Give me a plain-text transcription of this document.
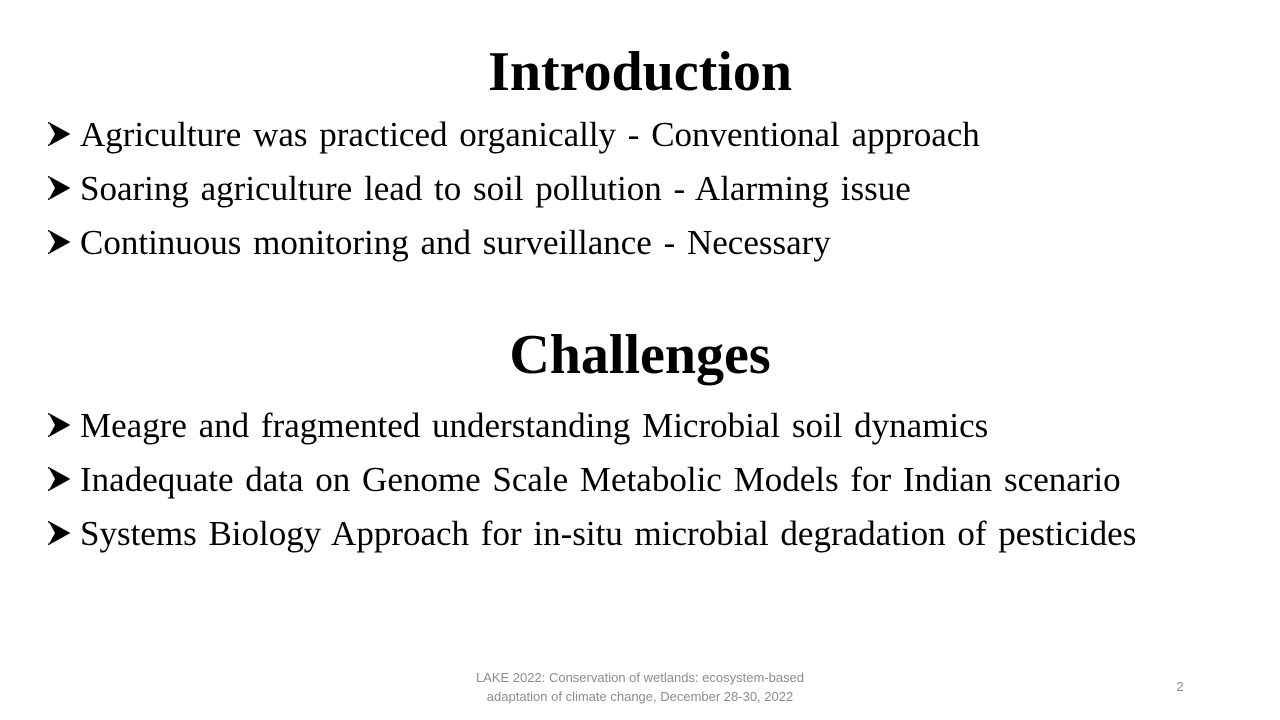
Introduction
Agriculture was practiced organically - Conventional approach
Soaring agriculture lead to soil pollution - Alarming issue
Continuous monitoring and surveillance - Necessary
Challenges
Meagre and fragmented understanding Microbial soil dynamics
Inadequate data on Genome Scale Metabolic Models for Indian scenario
Systems Biology Approach for in-situ microbial degradation of pesticides
LAKE 2022: Conservation of wetlands: ecosystem-based
adaptation of climate change, December 28-30, 2022
2
